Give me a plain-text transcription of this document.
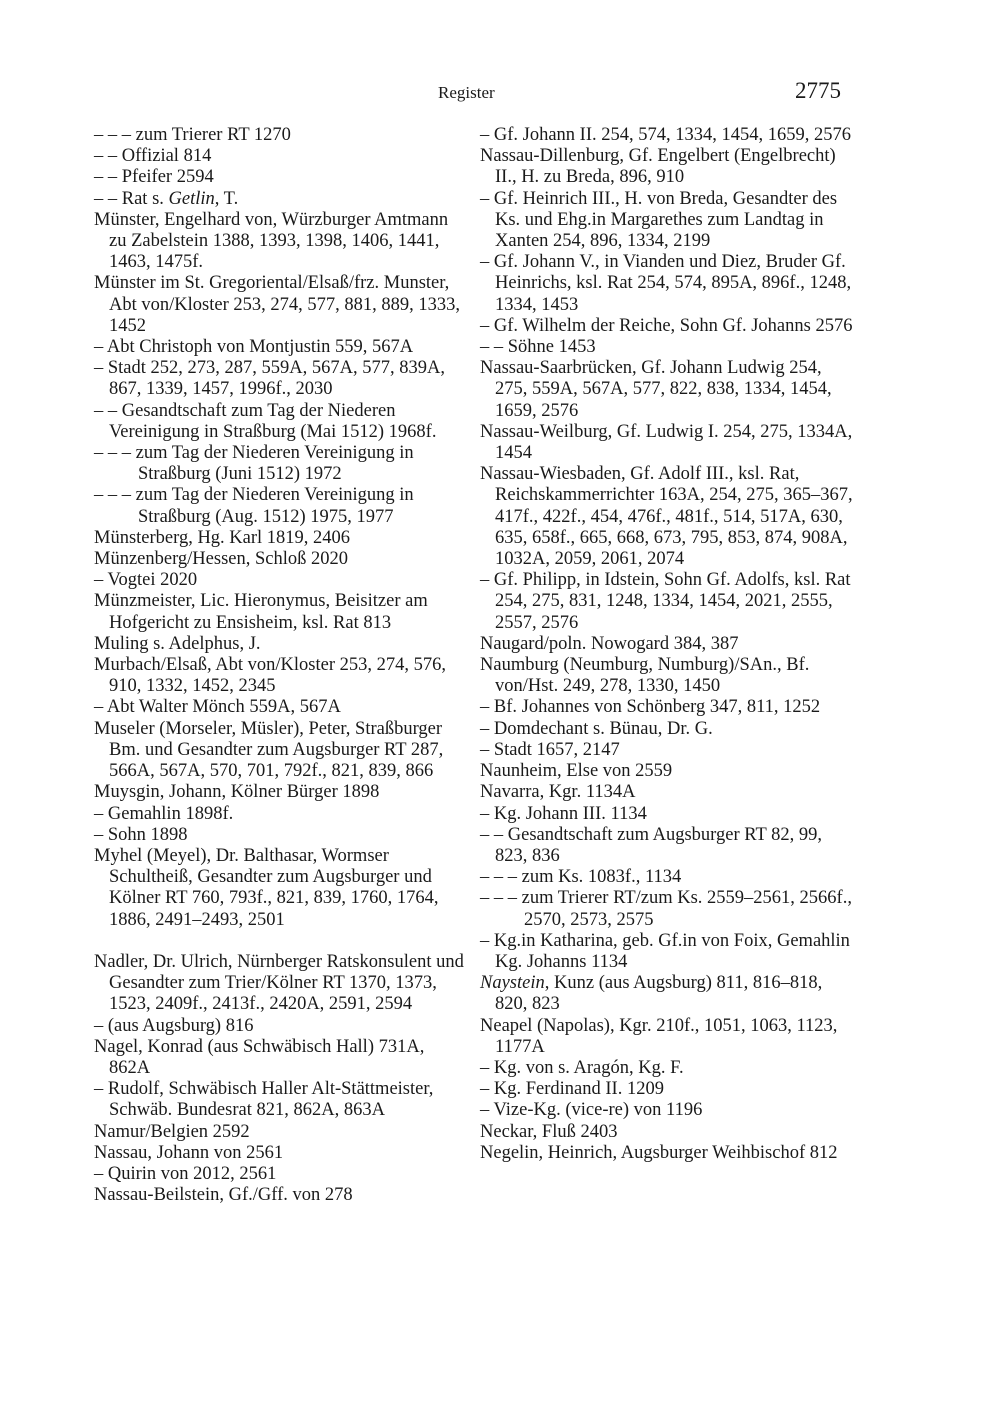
Register	2775

– – – zum Trierer RT 1270

– – Offizial 814

– – Pfeifer 2594

– – Rat s. Getlin, T.

Münster, Engelhard von, Würzburger Amtmann zu Zabelstein 1388, 1393, 1398, 1406, 1441, 1463, 1475f.

Münster im St. Gregoriental/Elsaß/frz. Munster, Abt von/Kloster 253, 274, 577, 881, 889, 1333, 1452

– Abt Christoph von Montjustin 559, 567A

– Stadt 252, 273, 287, 559A, 567A, 577, 839A, 867, 1339, 1457, 1996f., 2030

– – Gesandtschaft zum Tag der Niederen Vereinigung in Straßburg (Mai 1512) 1968f.

– – – zum Tag der Niederen Vereinigung in Straßburg (Juni 1512) 1972

– – – zum Tag der Niederen Vereinigung in Straßburg (Aug. 1512) 1975, 1977

Münsterberg, Hg. Karl 1819, 2406

Münzenberg/Hessen, Schloß 2020

– Vogtei 2020

Münzmeister, Lic. Hieronymus, Beisitzer am Hofgericht zu Ensisheim, ksl. Rat 813

Muling s. Adelphus, J.

Murbach/Elsaß, Abt von/Kloster 253, 274, 576, 910, 1332, 1452, 2345

– Abt Walter Mönch 559A, 567A

Museler (Morseler, Müsler), Peter, Straßburger Bm. und Gesandter zum Augsburger RT 287, 566A, 567A, 570, 701, 792f., 821, 839, 866

Muysgin, Johann, Kölner Bürger 1898

– Gemahlin 1898f.

– Sohn 1898

Myhel (Meyel), Dr. Balthasar, Wormser Schultheiß, Gesandter zum Augsburger und Kölner RT 760, 793f., 821, 839, 1760, 1764, 1886, 2491–2493, 2501

Nadler, Dr. Ulrich, Nürnberger Ratskonsulent und Gesandter zum Trier/Kölner RT 1370, 1373, 1523, 2409f., 2413f., 2420A, 2591, 2594

– (aus Augsburg) 816

Nagel, Konrad (aus Schwäbisch Hall) 731A, 862A

– Rudolf, Schwäbisch Haller Alt-Stättmeister, Schwäb. Bundesrat 821, 862A, 863A

Namur/Belgien 2592

Nassau, Johann von 2561

– Quirin von 2012, 2561

Nassau-Beilstein, Gf./Gff. von 278

– Gf. Johann II. 254, 574, 1334, 1454, 1659, 2576

Nassau-Dillenburg, Gf. Engelbert (Engelbrecht) II., H. zu Breda, 896, 910

– Gf. Heinrich III., H. von Breda, Gesandter des Ks. und Ehg.in Margarethes zum Landtag in Xanten 254, 896, 1334, 2199

– Gf. Johann V., in Vianden und Diez, Bruder Gf. Heinrichs, ksl. Rat 254, 574, 895A, 896f., 1248, 1334, 1453

– Gf. Wilhelm der Reiche, Sohn Gf. Johanns 2576

– – Söhne 1453

Nassau-Saarbrücken, Gf. Johann Ludwig 254, 275, 559A, 567A, 577, 822, 838, 1334, 1454, 1659, 2576

Nassau-Weilburg, Gf. Ludwig I. 254, 275, 1334A, 1454

Nassau-Wiesbaden, Gf. Adolf III., ksl. Rat, Reichskammerrichter 163A, 254, 275, 365–367, 417f., 422f., 454, 476f., 481f., 514, 517A, 630, 635, 658f., 665, 668, 673, 795, 853, 874, 908A, 1032A, 2059, 2061, 2074

– Gf. Philipp, in Idstein, Sohn Gf. Adolfs, ksl. Rat 254, 275, 831, 1248, 1334, 1454, 2021, 2555, 2557, 2576

Naugard/poln. Nowogard 384, 387

Naumburg (Neumburg, Numburg)/SAn., Bf. von/Hst. 249, 278, 1330, 1450

– Bf. Johannes von Schönberg 347, 811, 1252

– Domdechant s. Bünau, Dr. G.

– Stadt 1657, 2147

Naunheim, Else von 2559

Navarra, Kgr. 1134A

– Kg. Johann III. 1134

– – Gesandtschaft zum Augsburger RT 82, 99, 823, 836

– – – zum Ks. 1083f., 1134

– – – zum Trierer RT/zum Ks. 2559–2561, 2566f., 2570, 2573, 2575

– Kg.in Katharina, geb. Gf.in von Foix, Gemahlin Kg. Johanns 1134

Naystein, Kunz (aus Augsburg) 811, 816–818, 820, 823

Neapel (Napolas), Kgr. 210f., 1051, 1063, 1123, 1177A

– Kg. von s. Aragón, Kg. F.

– Kg. Ferdinand II. 1209

– Vize-Kg. (vice-re) von 1196

Neckar, Fluß 2403

Negelin, Heinrich, Augsburger Weihbischof 812
